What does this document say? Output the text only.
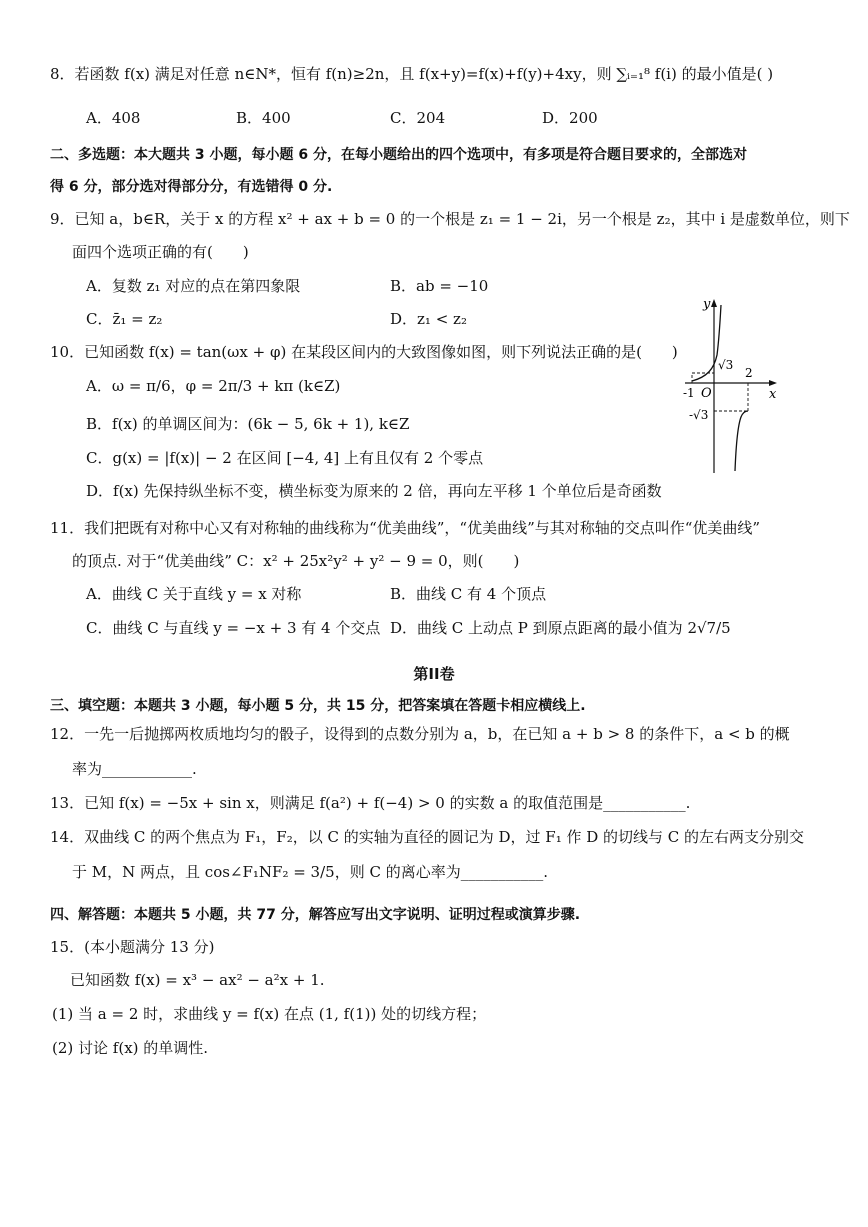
8．若函数 f(x) 满足对任意 n∈N*，恒有 f(n)≥2n，且 f(x+y)=f(x)+f(y)+4xy，则 ∑ᵢ₌₁⁸ f(i) 的最小值是( )
A．408	B．400	C．204	D．200
二、多选题：本大题共 3 小题，每小题 6 分，在每小题给出的四个选项中，有多项是符合题目要求的，全部选对
得 6 分，部分选对得部分分，有选错得 0 分.
9．已知 a，b∈R，关于 x 的方程 x² + ax + b = 0 的一个根是 z₁ = 1 − 2i，另一个根是 z₂，其中 i 是虚数单位，则下
面四个选项正确的有(　　)
A．复数 z₁ 对应的点在第四象限	B．ab = −10
C．z̄₁ = z₂	D．z₁ < z₂
10．已知函数 f(x) = tan(ωx + φ) 在某段区间内的大致图像如图，则下列说法正确的是(　　)
A．ω = π/6，φ = 2π/3 + kπ (k∈Z)
B．f(x) 的单调区间为：(6k − 5, 6k + 1), k∈Z
C．g(x) = |f(x)| − 2 在区间 [−4, 4] 上有且仅有 2 个零点
D．f(x) 先保持纵坐标不变，横坐标变为原来的 2 倍，再向左平移 1 个单位后是奇函数
y
x
O
-1
2
√3
-√3
11．我们把既有对称中心又有对称轴的曲线称为“优美曲线”，“优美曲线”与其对称轴的交点叫作“优美曲线”
的顶点. 对于“优美曲线” C：x² + 25x²y² + y² − 9 = 0，则(　　)
A．曲线 C 关于直线 y = x 对称	B．曲线 C 有 4 个顶点
C．曲线 C 与直线 y = −x + 3 有 4 个交点 D．曲线 C 上动点 P 到原点距离的最小值为 2√7/5
第II卷
三、填空题：本题共 3 小题，每小题 5 分，共 15 分，把答案填在答题卡相应横线上.
12．一先一后抛掷两枚质地均匀的骰子，设得到的点数分别为 a，b，在已知 a + b > 8 的条件下，a < b 的概
率为____________.
13．已知 f(x) = −5x + sin x，则满足 f(a²) + f(−4) > 0 的实数 a 的取值范围是___________.
14．双曲线 C 的两个焦点为 F₁，F₂，以 C 的实轴为直径的圆记为 D，过 F₁ 作 D 的切线与 C 的左右两支分别交
于 M，N 两点，且 cos∠F₁NF₂ = 3/5，则 C 的离心率为___________.
四、解答题：本题共 5 小题，共 77 分，解答应写出文字说明、证明过程或演算步骤.
15．(本小题满分 13 分)
已知函数 f(x) = x³ − ax² − a²x + 1.
(1) 当 a = 2 时，求曲线 y = f(x) 在点 (1, f(1)) 处的切线方程；
(2) 讨论 f(x) 的单调性.
